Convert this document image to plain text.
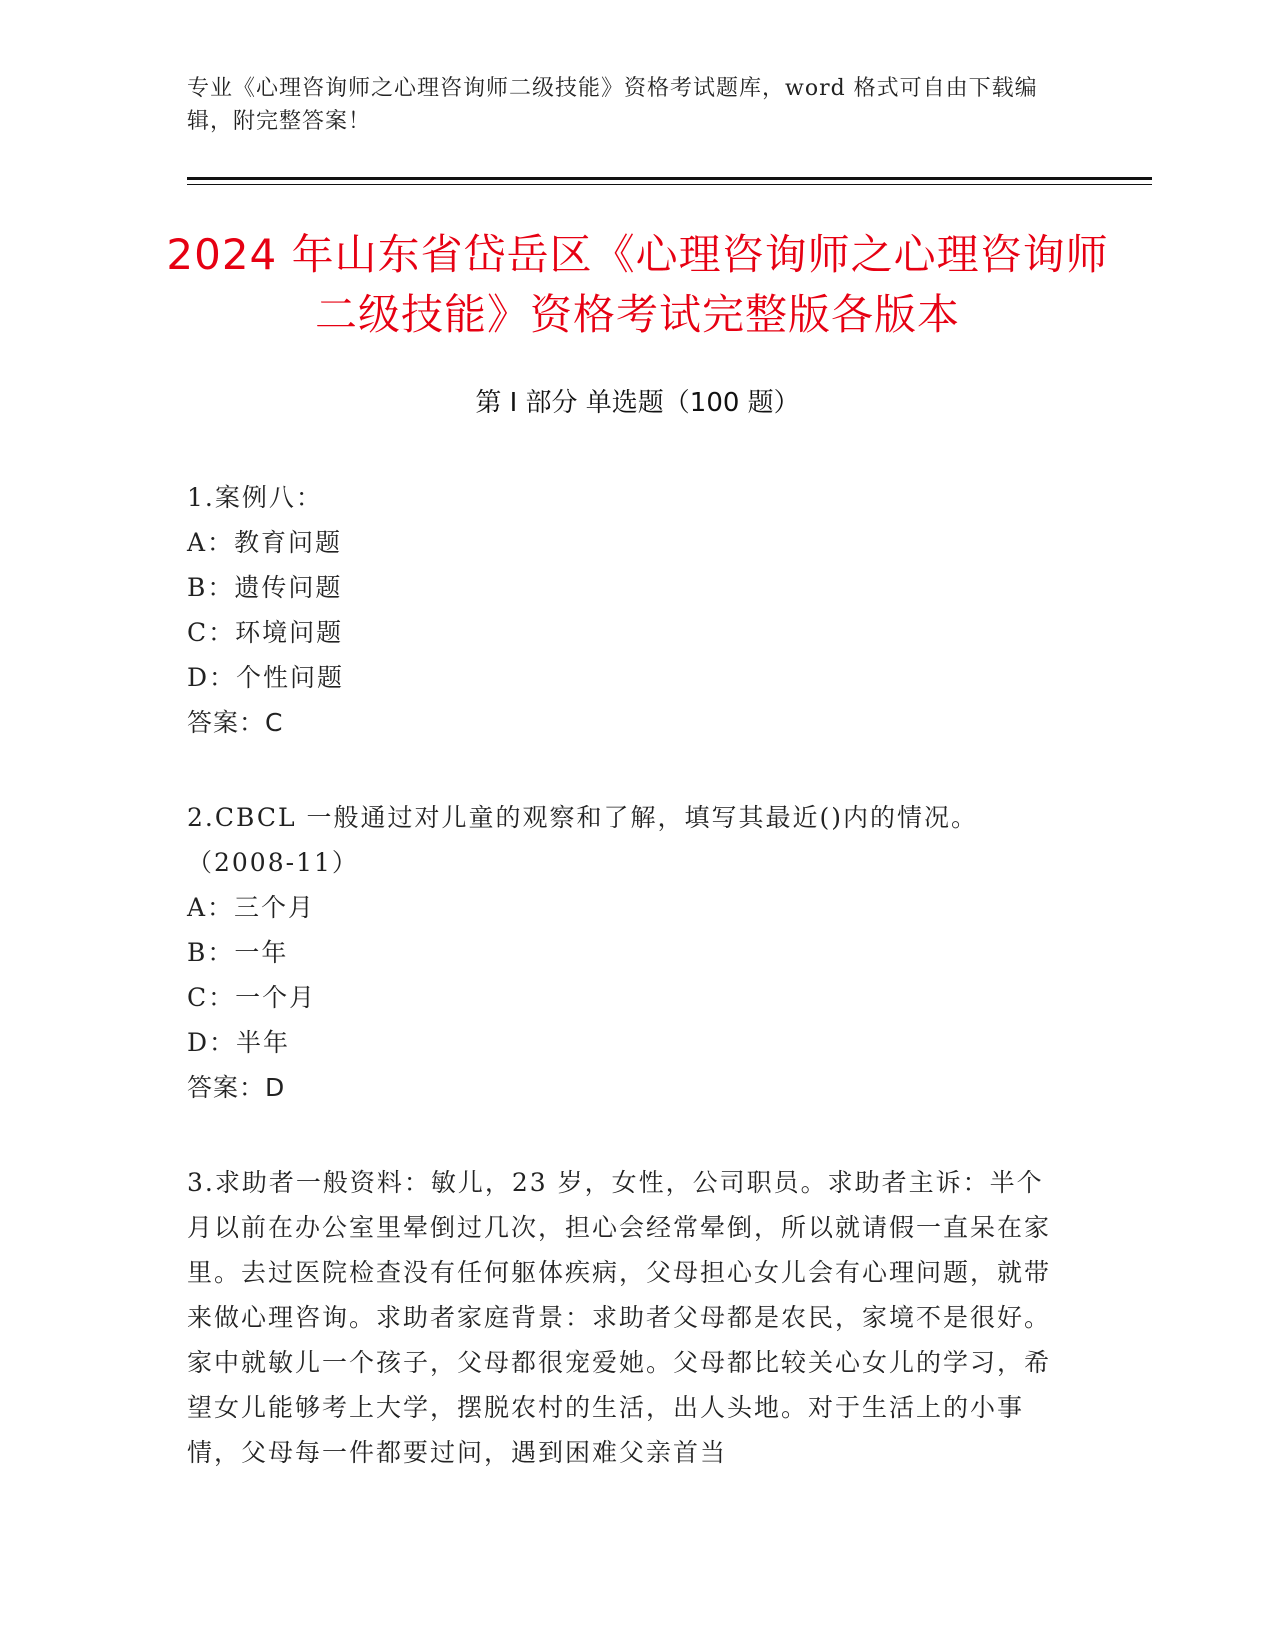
专业《心理咨询师之心理咨询师二级技能》资格考试题库，word 格式可自由下载编辑，附完整答案！
2024 年山东省岱岳区《心理咨询师之心理咨询师二级技能》资格考试完整版各版本
第 I 部分 单选题（100 题）
1.案例八：
A：教育问题
B：遗传问题
C：环境问题
D：个性问题
答案：C
2.CBCL 一般通过对儿童的观察和了解，填写其最近()内的情况。（2008-11）
A：三个月
B：一年
C：一个月
D：半年
答案：D
3.求助者一般资料：敏儿，23 岁，女性，公司职员。求助者主诉：半个月以前在办公室里晕倒过几次，担心会经常晕倒，所以就请假一直呆在家里。去过医院检查没有任何躯体疾病，父母担心女儿会有心理问题，就带来做心理咨询。求助者家庭背景：求助者父母都是农民，家境不是很好。家中就敏儿一个孩子，父母都很宠爱她。父母都比较关心女儿的学习，希望女儿能够考上大学，摆脱农村的生活，出人头地。对于生活上的小事情，父母每一件都要过问，遇到困难父亲首当
